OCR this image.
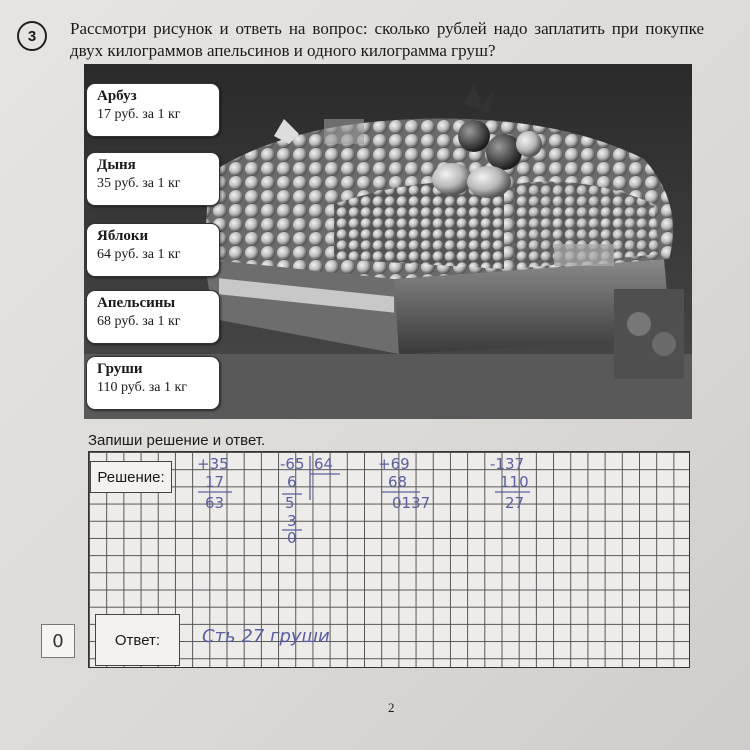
3 Рассмотри рисунок и ответь на вопрос: сколько рублей надо заплатить при покупке двух килограммов апельсинов и одного килограмма груш?
Арбуз
17 руб. за 1 кг
Дыня
35 руб. за 1 кг
Яблоки
64 руб. за 1 кг
Апельсины
68 руб. за 1 кг
Груши
110 руб. за 1 кг
Запиши решение и ответ.
Решение:
Ответ:
+35
17
63
-65 64
6
5
3
0
+69
68
0137
-137
110
27
Сть 27 груши
0
2
